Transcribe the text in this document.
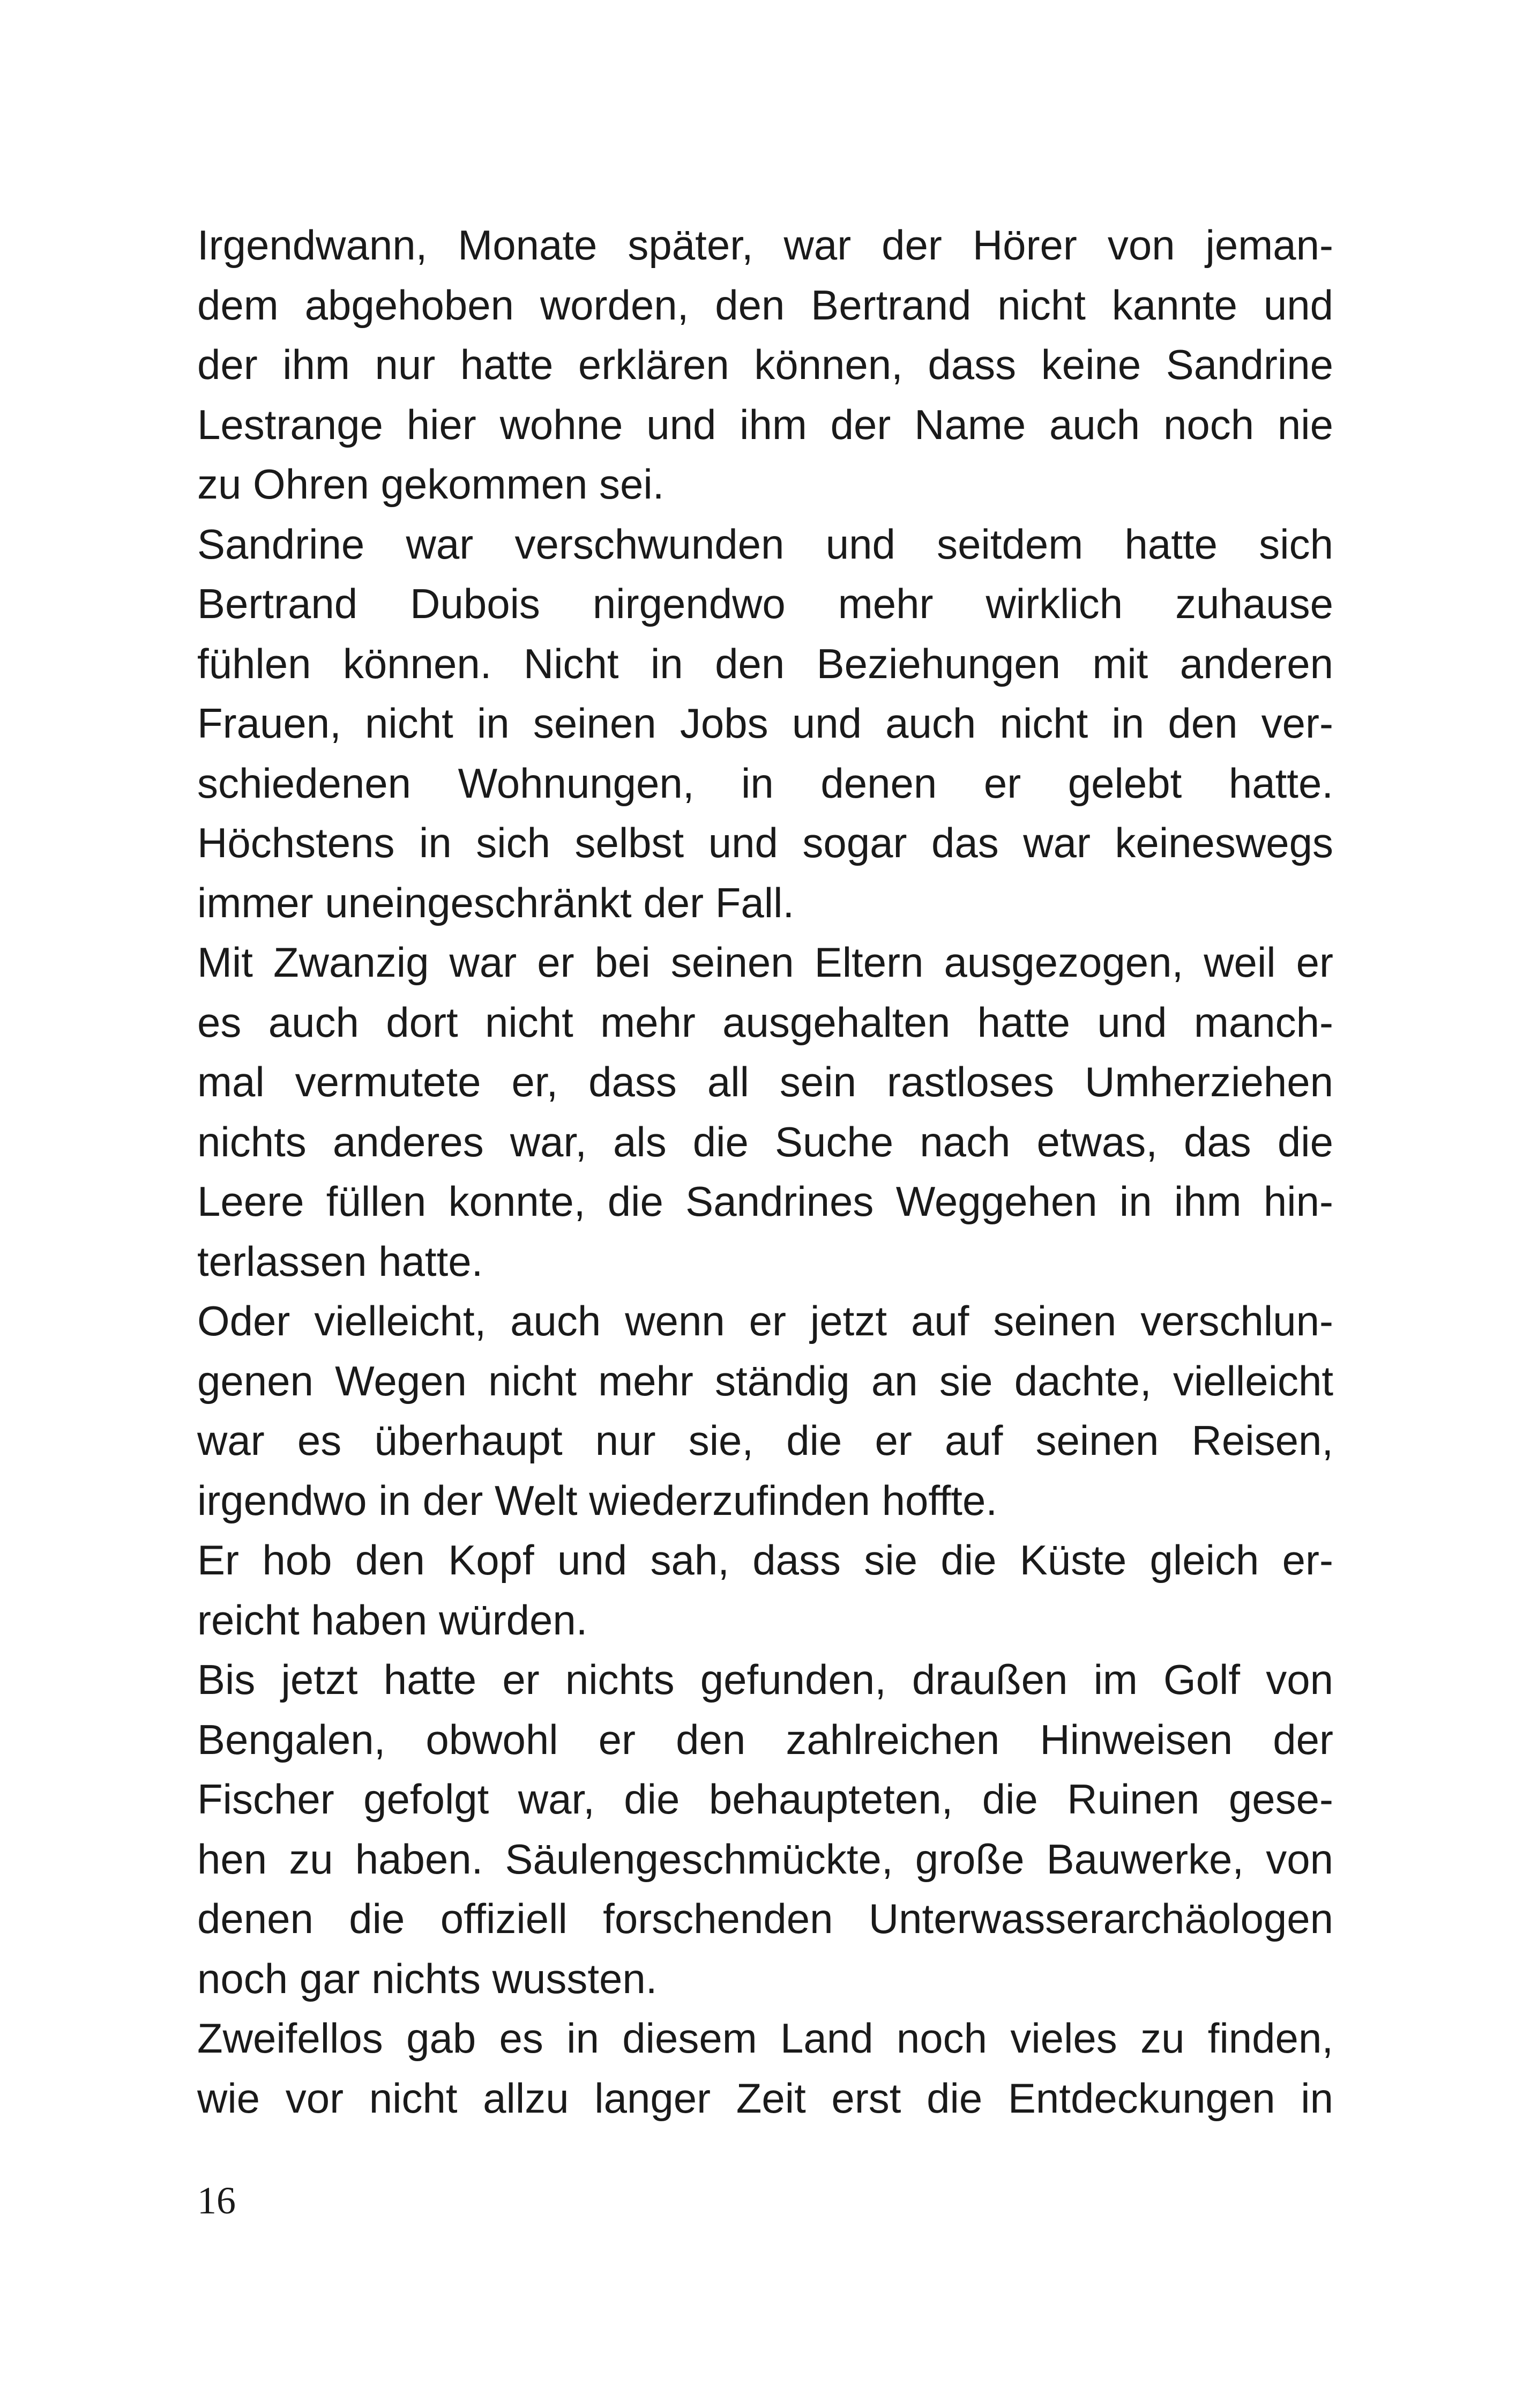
Irgendwann, Monate später, war der Hörer von jeman-
dem abgehoben worden, den Bertrand nicht kannte und
der ihm nur hatte erklären können, dass keine Sandrine
Lestrange hier wohne und ihm der Name auch noch nie
zu Ohren gekommen sei.
Sandrine war verschwunden und seitdem hatte sich
Bertrand Dubois nirgendwo mehr wirklich zuhause
fühlen können. Nicht in den Beziehungen mit anderen
Frauen, nicht in seinen Jobs und auch nicht in den ver-
schiedenen Wohnungen, in denen er gelebt hatte.
Höchstens in sich selbst und sogar das war keineswegs
immer uneingeschränkt der Fall.
Mit Zwanzig war er bei seinen Eltern ausgezogen, weil er
es auch dort nicht mehr ausgehalten hatte und manch-
mal vermutete er, dass all sein rastloses Umherziehen
nichts anderes war, als die Suche nach etwas, das die
Leere füllen konnte, die Sandrines Weggehen in ihm hin-
terlassen hatte.
Oder vielleicht, auch wenn er jetzt auf seinen verschlun-
genen Wegen nicht mehr ständig an sie dachte, vielleicht
war es überhaupt nur sie, die er auf seinen Reisen,
irgendwo in der Welt wiederzufinden hoffte.
Er hob den Kopf und sah, dass sie die Küste gleich er-
reicht haben würden.
Bis jetzt hatte er nichts gefunden, draußen im Golf von
Bengalen, obwohl er den zahlreichen Hinweisen der
Fischer gefolgt war, die behaupteten, die Ruinen gese-
hen zu haben. Säulengeschmückte, große Bauwerke, von
denen die offiziell forschenden Unterwasserarchäologen
noch gar nichts wussten.
Zweifellos gab es in diesem Land noch vieles zu finden,
wie vor nicht allzu langer Zeit erst die Entdeckungen in
16
